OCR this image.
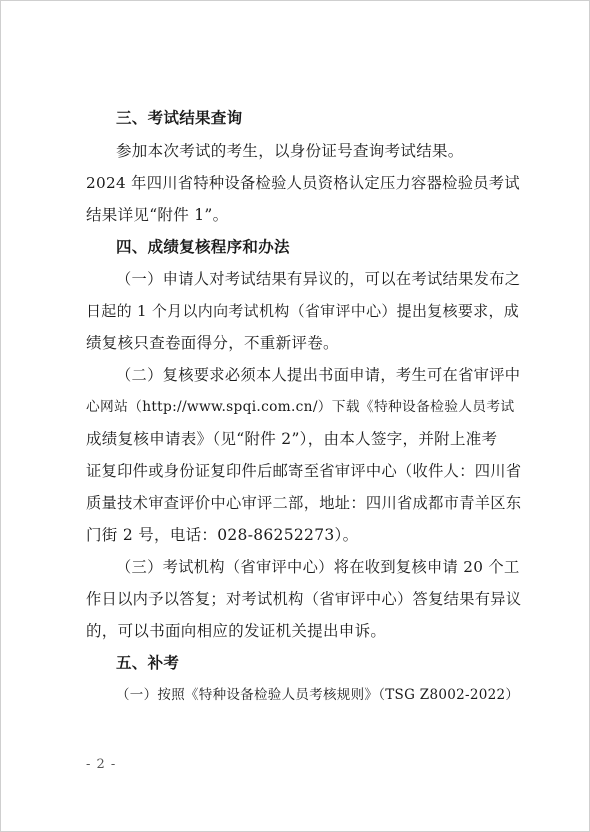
三、考试结果查询
参加本次考试的考生，以身份证号查询考试结果。
2024 年四川省特种设备检验人员资格认定压力容器检验员考试
结果详见“附件 1”。
四、成绩复核程序和办法
（一）申请人对考试结果有异议的，可以在考试结果发布之
日起的 1 个月以内向考试机构（省审评中心）提出复核要求，成
绩复核只查卷面得分，不重新评卷。
（二）复核要求必须本人提出书面申请，考生可在省审评中
心网站（http://www.spqi.com.cn/）下载《特种设备检验人员考试
成绩复核申请表》（见“附件 2”），由本人签字，并附上准考
证复印件或身份证复印件后邮寄至省审评中心（收件人：四川省
质量技术审查评价中心审评二部，地址：四川省成都市青羊区东
门街 2 号，电话：028-86252273）。
（三）考试机构（省审评中心）将在收到复核申请 20 个工
作日以内予以答复；对考试机构（省审评中心）答复结果有异议
的，可以书面向相应的发证机关提出申诉。
五、补考
（一）按照《特种设备检验人员考核规则》（TSG Z8002-2022）
- 2 -
